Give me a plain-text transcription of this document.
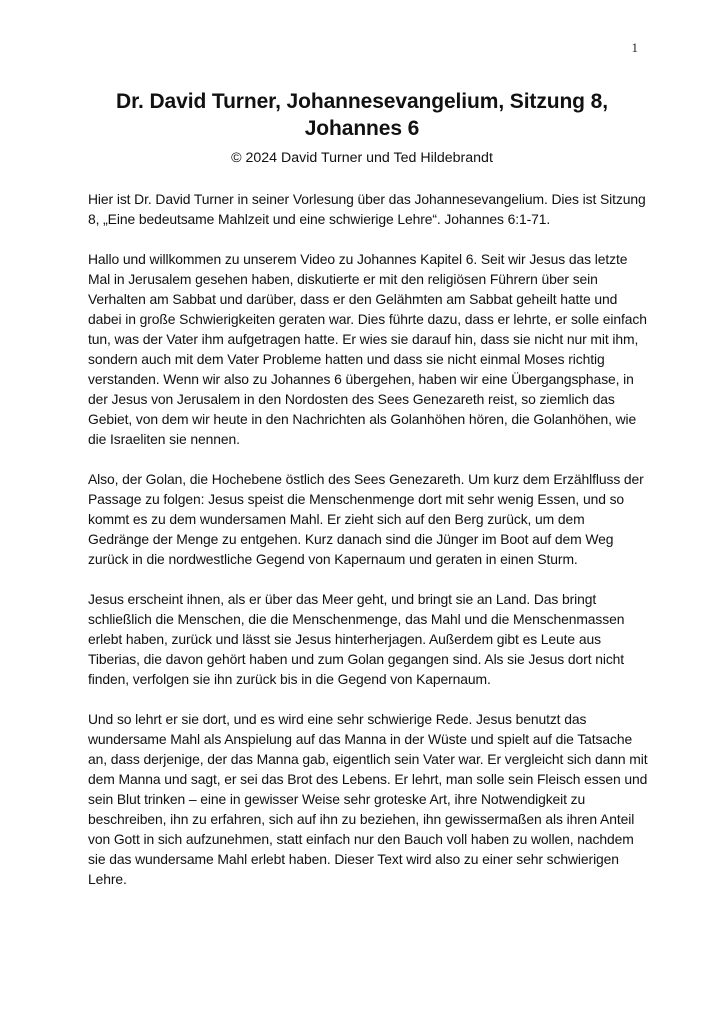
1
Dr. David Turner, Johannesevangelium, Sitzung 8, Johannes 6
© 2024 David Turner und Ted Hildebrandt

Hier ist Dr. David Turner in seiner Vorlesung über das Johannesevangelium. Dies ist Sitzung 8, „Eine bedeutsame Mahlzeit und eine schwierige Lehre“. Johannes 6:1-71.

Hallo und willkommen zu unserem Video zu Johannes Kapitel 6. Seit wir Jesus das letzte Mal in Jerusalem gesehen haben, diskutierte er mit den religiösen Führern über sein Verhalten am Sabbat und darüber, dass er den Gelähmten am Sabbat geheilt hatte und dabei in große Schwierigkeiten geraten war. Dies führte dazu, dass er lehrte, er solle einfach tun, was der Vater ihm aufgetragen hatte. Er wies sie darauf hin, dass sie nicht nur mit ihm, sondern auch mit dem Vater Probleme hatten und dass sie nicht einmal Moses richtig verstanden. Wenn wir also zu Johannes 6 übergehen, haben wir eine Übergangsphase, in der Jesus von Jerusalem in den Nordosten des Sees Genezareth reist, so ziemlich das Gebiet, von dem wir heute in den Nachrichten als Golanhöhen hören, die Golanhöhen, wie die Israeliten sie nennen.

Also, der Golan, die Hochebene östlich des Sees Genezareth. Um kurz dem Erzählfluss der Passage zu folgen: Jesus speist die Menschenmenge dort mit sehr wenig Essen, und so kommt es zu dem wundersamen Mahl. Er zieht sich auf den Berg zurück, um dem Gedränge der Menge zu entgehen. Kurz danach sind die Jünger im Boot auf dem Weg zurück in die nordwestliche Gegend von Kapernaum und geraten in einen Sturm.

Jesus erscheint ihnen, als er über das Meer geht, und bringt sie an Land. Das bringt schließlich die Menschen, die die Menschenmenge, das Mahl und die Menschenmassen erlebt haben, zurück und lässt sie Jesus hinterherjagen. Außerdem gibt es Leute aus Tiberias, die davon gehört haben und zum Golan gegangen sind. Als sie Jesus dort nicht finden, verfolgen sie ihn zurück bis in die Gegend von Kapernaum.

Und so lehrt er sie dort, und es wird eine sehr schwierige Rede. Jesus benutzt das wundersame Mahl als Anspielung auf das Manna in der Wüste und spielt auf die Tatsache an, dass derjenige, der das Manna gab, eigentlich sein Vater war. Er vergleicht sich dann mit dem Manna und sagt, er sei das Brot des Lebens. Er lehrt, man solle sein Fleisch essen und sein Blut trinken – eine in gewisser Weise sehr groteske Art, ihre Notwendigkeit zu beschreiben, ihn zu erfahren, sich auf ihn zu beziehen, ihn gewissermaßen als ihren Anteil von Gott in sich aufzunehmen, statt einfach nur den Bauch voll haben zu wollen, nachdem sie das wundersame Mahl erlebt haben. Dieser Text wird also zu einer sehr schwierigen Lehre.
